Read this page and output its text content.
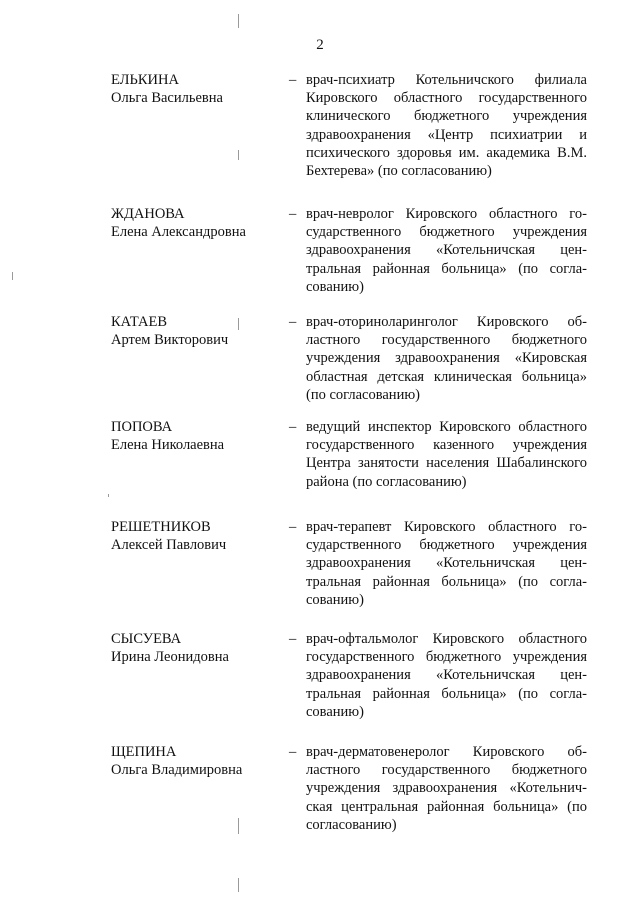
2
ЕЛЬКИНА
Ольга Васильевна
– врач-психиатр Котельничского филиала Кировского областного государственного клинического бюджетного учреждения здравоохранения «Центр психиатрии и психического здоровья им. академика В.М. Бехтерева» (по согласованию)
ЖДАНОВА
Елена Александровна
– врач-невролог Кировского областного государственного бюджетного учреждения здравоохранения «Котельничская центральная районная больница» (по согласованию)
КАТАЕВ
Артем Викторович
– врач-оториноларинголог Кировского областного государственного бюджетного учреждения здравоохранения «Кировская областная детская клиническая больница» (по согласованию)
ПОПОВА
Елена Николаевна
– ведущий инспектор Кировского областного государственного казенного учреждения Центра занятости населения Шабалинского района (по согласованию)
РЕШЕТНИКОВ
Алексей Павлович
– врач-терапевт Кировского областного государственного бюджетного учреждения здравоохранения «Котельничская центральная районная больница» (по согласованию)
СЫСУЕВА
Ирина Леонидовна
– врач-офтальмолог Кировского областного государственного бюджетного учреждения здравоохранения «Котельничская центральная районная больница» (по согласованию)
ЩЕПИНА
Ольга Владимировна
– врач-дерматовенеролог Кировского областного государственного бюджетного учреждения здравоохранения «Котельничская центральная районная больница» (по согласованию)
